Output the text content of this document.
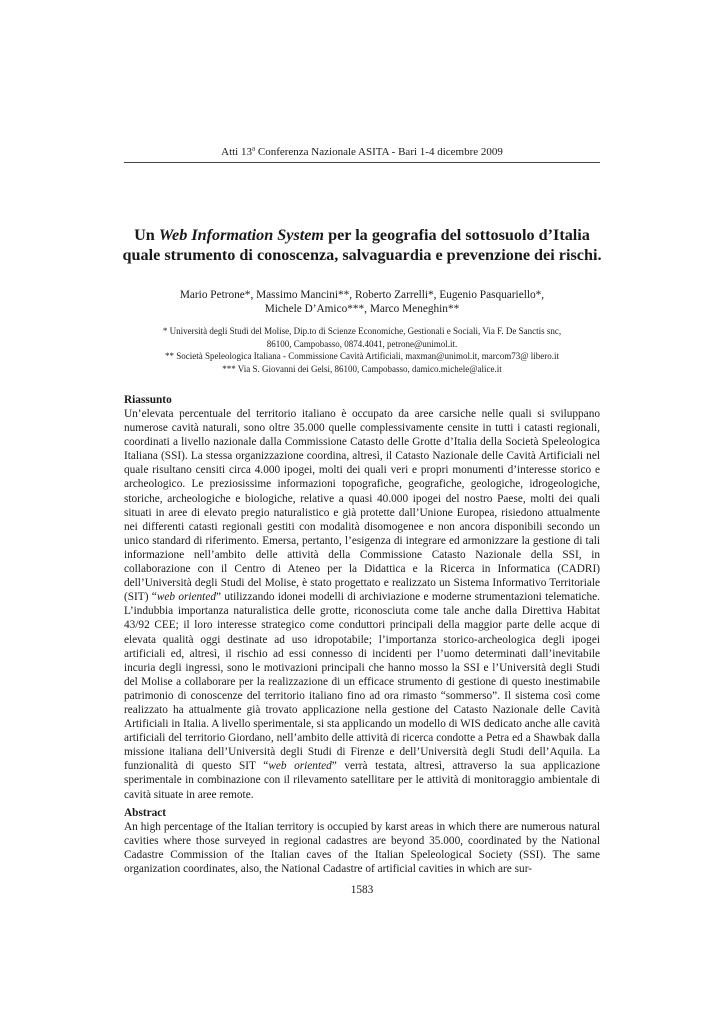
Atti 13$^a$ Conferenza Nazionale ASITA - Bari 1-4 dicembre 2009
Un Web Information System per la geografia del sottosuolo d’Italia
quale strumento di conoscenza, salvaguardia e prevenzione dei rischi.
Mario Petrone*, Massimo Mancini**, Roberto Zarrelli*, Eugenio Pasquariello*,
Michele D’Amico***, Marco Meneghin**
* Università degli Studi del Molise, Dip.to di Scienze Economiche, Gestionali e Sociali, Via F. De Sanctis snc,
86100, Campobasso, 0874.4041, petrone@unimol.it.
** Società Speleologica Italiana - Commissione Cavità Artificiali, maxman@unimol.it, marcom73@ libero.it
*** Via S. Giovanni dei Gelsi, 86100, Campobasso, damico.michele@alice.it
Riassunto

Un’elevata percentuale del territorio italiano è occupato da aree carsiche nelle quali si sviluppano numerose cavità naturali, sono oltre 35.000 quelle complessivamente censite in tutti i catasti regionali, coordinati a livello nazionale dalla Commissione Catasto delle Grotte d’Italia della Società Speleologica Italiana (SSI). La stessa organizzazione coordina, altresì, il Catasto Nazionale delle Cavità Artificiali nel quale risultano censiti circa 4.000 ipogei, molti dei quali veri e propri monumenti d’interesse storico e archeologico. Le preziosissime informazioni topografiche, geografiche, geologiche, idrogeologiche, storiche, archeologiche e biologiche, relative a quasi 40.000 ipogei del nostro Paese, molti dei quali situati in aree di elevato pregio naturalistico e già protette dall’Unione Europea, risiedono attualmente nei differenti catasti regionali gestiti con modalità disomogenee e non ancora disponibili secondo un unico standard di riferimento. Emersa, pertanto, l’esigenza di integrare ed armonizzare la gestione di tali informazione nell’ambito delle attività della Commissione Catasto Nazionale della SSI, in collaborazione con il Centro di Ateneo per la Didattica e la Ricerca in Informatica (CADRI) dell’Università degli Studi del Molise, è stato progettato e realizzato un Sistema Informativo Territoriale (SIT) “web oriented” utilizzando idonei modelli di archiviazione e moderne strumentazioni telematiche. L’indubbia importanza naturalistica delle grotte, riconosciuta come tale anche dalla Direttiva Habitat 43/92 CEE; il loro interesse strategico come conduttori principali della maggior parte delle acque di elevata qualità oggi destinate ad uso idropotabile; l’importanza storico-archeologica degli ipogei artificiali ed, altresì, il rischio ad essi connesso di incidenti per l’uomo determinati dall’inevitabile incuria degli ingressi, sono le motivazioni principali che hanno mosso la SSI e l’Università degli Studi del Molise a collaborare per la realizzazione di un efficace strumento di gestione di questo inestimabile patrimonio di conoscenze del territorio italiano fino ad ora rimasto “sommerso”. Il sistema così come realizzato ha attualmente già trovato applicazione nella gestione del Catasto Nazionale delle Cavità Artificiali in Italia. A livello sperimentale, si sta applicando un modello di WIS dedicato anche alle cavità artificiali del territorio Giordano, nell’ambito delle attività di ricerca condotte a Petra ed a Shawbak dalla missione italiana dell’Università degli Studi di Firenze e dell’Università degli Studi dell’Aquila. La funzionalità di questo SIT “web oriented” verrà testata, altresì, attraverso la sua applicazione sperimentale in combinazione con il rilevamento satellitare per le attività di monitoraggio ambientale di cavità situate in aree remote.

Abstract

An high percentage of the Italian territory is occupied by karst areas in which there are numerous natural cavities where those surveyed in regional cadastres are beyond 35.000, coordinated by the National Cadastre Commission of the Italian caves of the Italian Speleological Society (SSI). The same organization coordinates, also, the National Cadastre of artificial cavities in which are sur-

1583
